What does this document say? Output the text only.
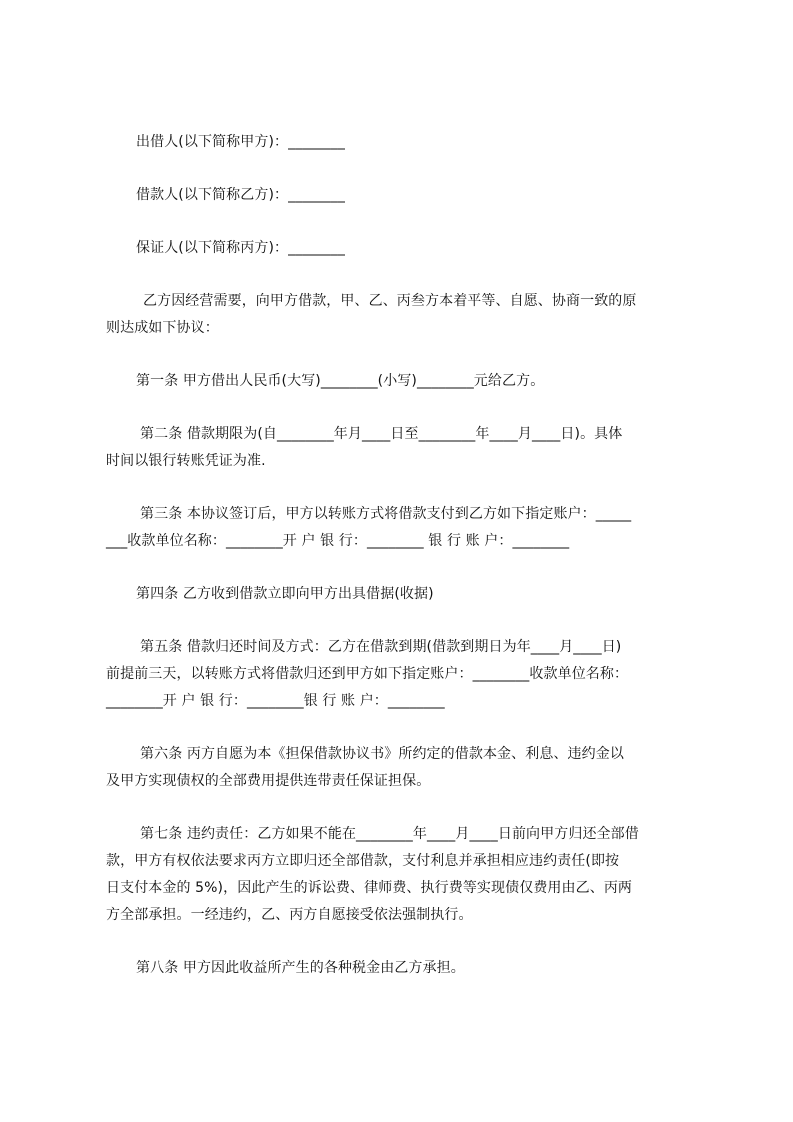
出借人(以下简称甲方)：________
借款人(以下简称乙方)：________
保证人(以下简称丙方)：________
乙方因经营需要，向甲方借款，甲、乙、丙叁方本着平等、自愿、协商一致的原
则达成如下协议：
第一条 甲方借出人民币(大写)________(小写)________元给乙方。
第二条 借款期限为(自________年月____日至________年____月____日)。具体
时间以银行转账凭证为准.
第三条 本协议签订后，甲方以转账方式将借款支付到乙方如下指定账户：_____
___收款单位名称：________开 户 银 行：________ 银 行 账 户：________
第四条 乙方收到借款立即向甲方出具借据(收据)
第五条 借款归还时间及方式：乙方在借款到期(借款到期日为年____月____日)
前提前三天，以转账方式将借款归还到甲方如下指定账户：________收款单位名称：
________开 户 银 行：________银 行 账 户：________
第六条 丙方自愿为本《担保借款协议书》所约定的借款本金、利息、违约金以
及甲方实现债权的全部费用提供连带责任保证担保。
第七条 违约责任：乙方如果不能在________年____月____日前向甲方归还全部借
款，甲方有权依法要求丙方立即归还全部借款，支付利息并承担相应违约责任(即按
日支付本金的 5%)，因此产生的诉讼费、律师费、执行费等实现债仅费用由乙、丙两
方全部承担。一经违约，乙、丙方自愿接受依法强制执行。
第八条 甲方因此收益所产生的各种税金由乙方承担。
